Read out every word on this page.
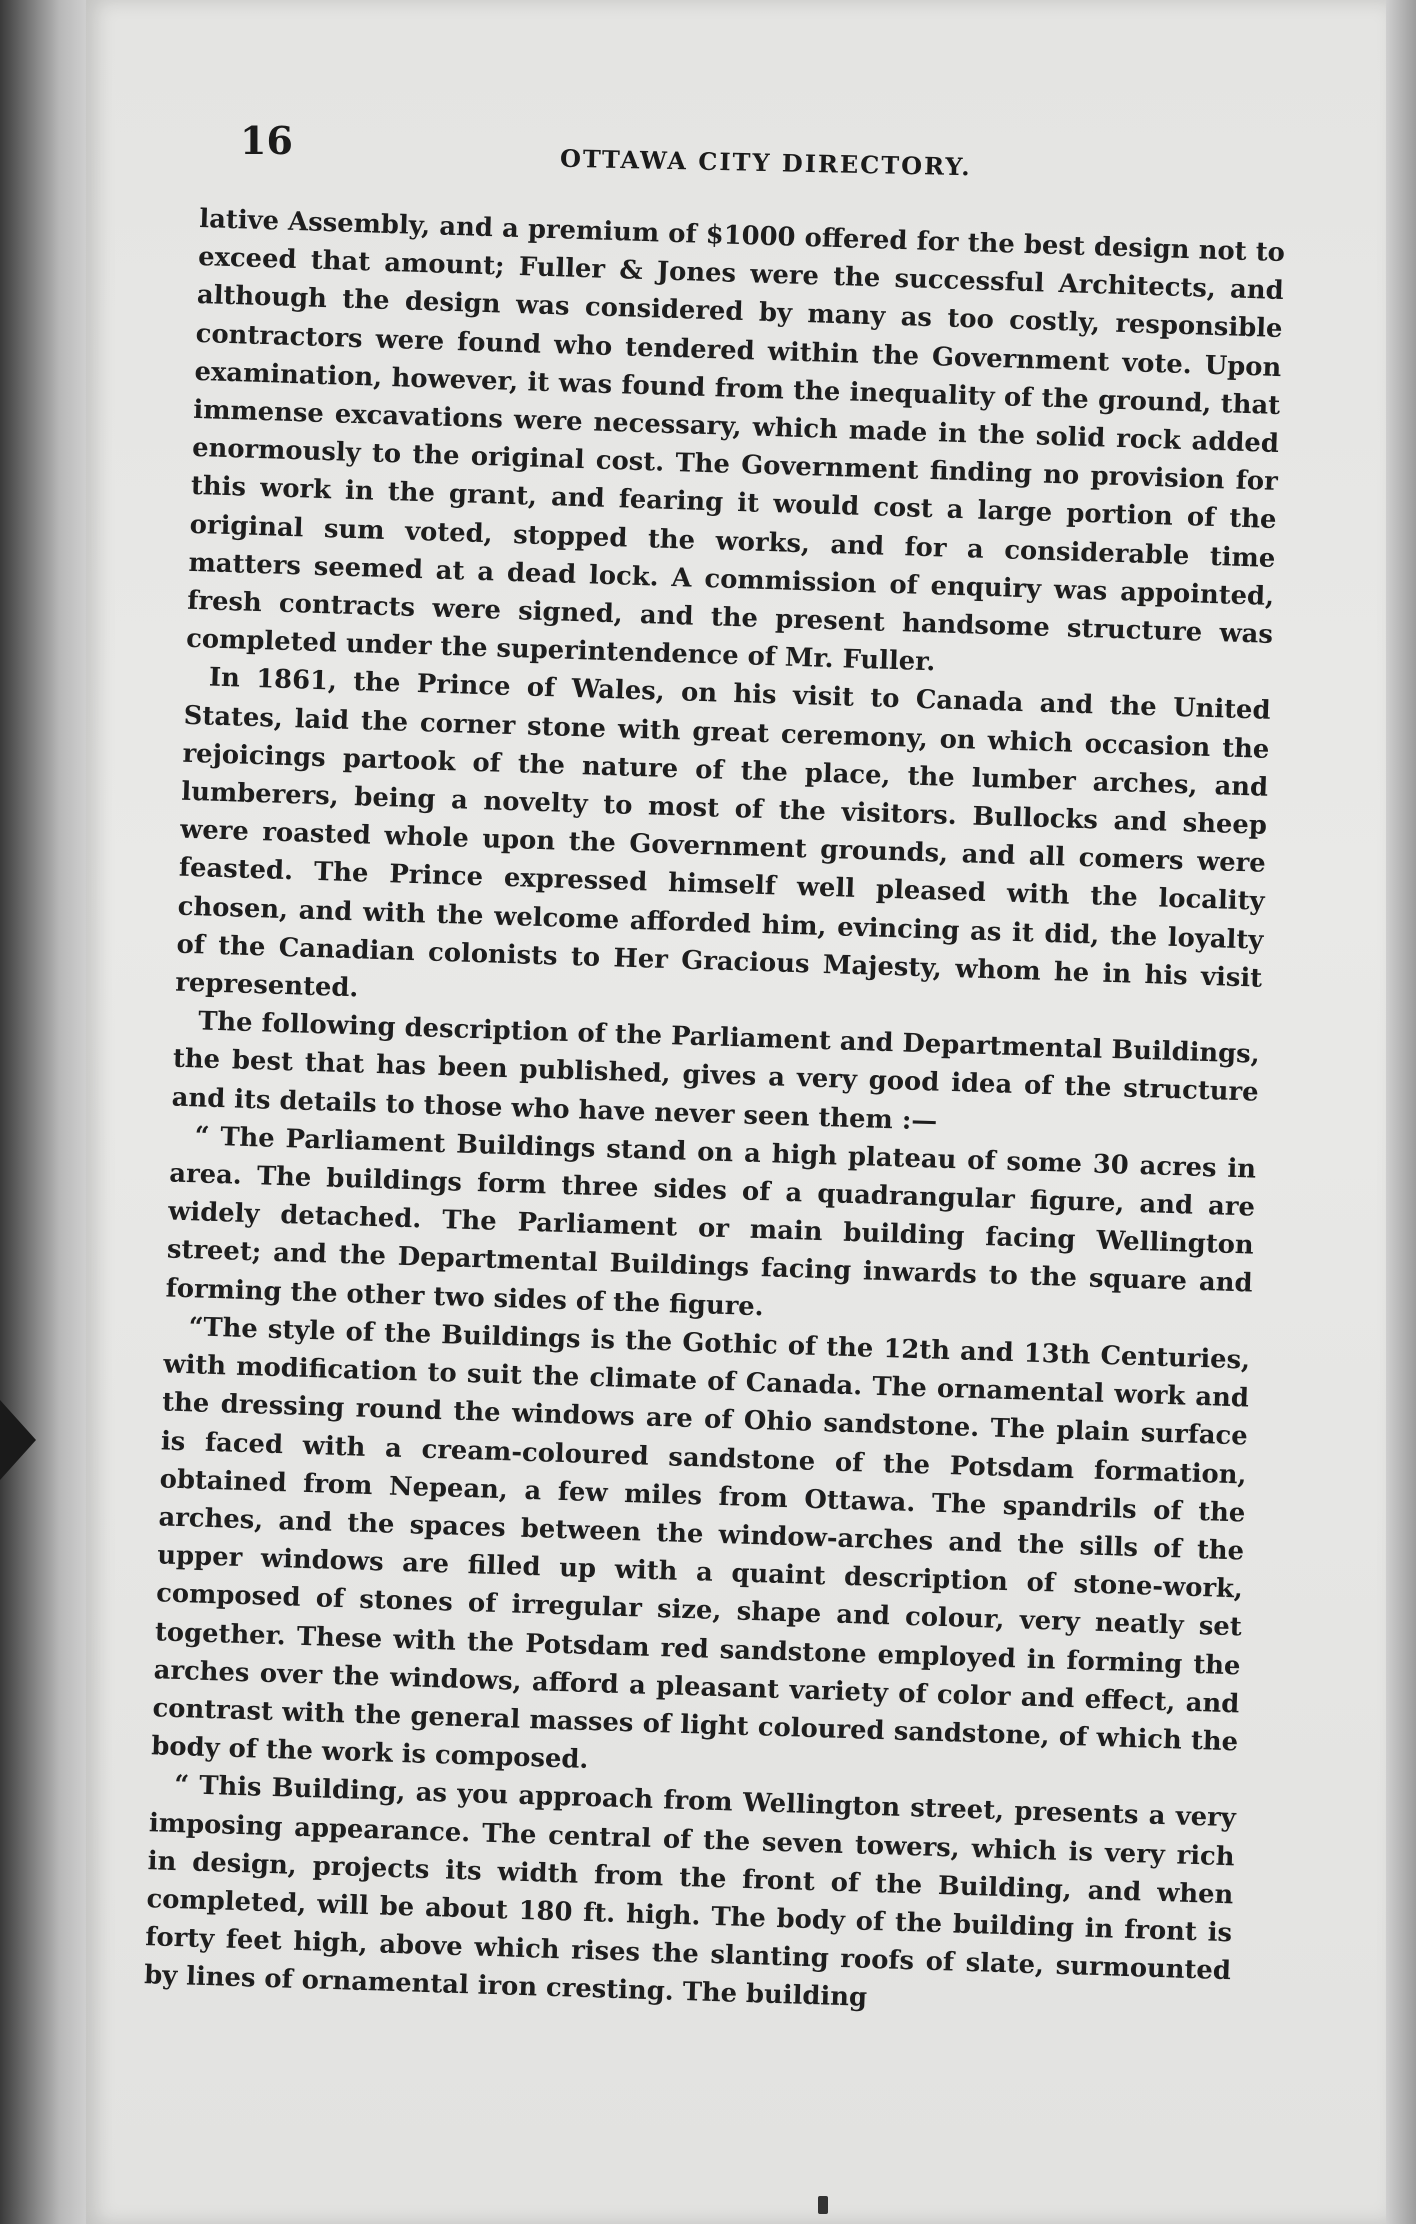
16	OTTAWA CITY DIRECTORY.

lative Assembly, and a premium of $1000 offered for the best design not to exceed that amount; Fuller & Jones were the successful Architects, and although the design was considered by many as too costly, responsible contractors were found who tendered within the Government vote. Upon examination, however, it was found from the inequality of the ground, that immense excavations were necessary, which made in the solid rock added enormously to the original cost. The Government finding no provision for this work in the grant, and fearing it would cost a large portion of the original sum voted, stopped the works, and for a considerable time matters seemed at a dead lock. A commission of enquiry was appointed, fresh contracts were signed, and the present handsome structure was completed under the superintendence of Mr. Fuller.

In 1861, the Prince of Wales, on his visit to Canada and the United States, laid the corner stone with great ceremony, on which occasion the rejoicings partook of the nature of the place, the lumber arches, and lumberers, being a novelty to most of the visitors. Bullocks and sheep were roasted whole upon the Government grounds, and all comers were feasted. The Prince expressed himself well pleased with the locality chosen, and with the welcome afforded him, evincing as it did, the loyalty of the Canadian colonists to Her Gracious Majesty, whom he in his visit represented.

The following description of the Parliament and Departmental Buildings, the best that has been published, gives a very good idea of the structure and its details to those who have never seen them :—

“ The Parliament Buildings stand on a high plateau of some 30 acres in area. The buildings form three sides of a quadrangular figure, and are widely detached. The Parliament or main building facing Wellington street; and the Departmental Buildings facing inwards to the square and forming the other two sides of the figure.

“The style of the Buildings is the Gothic of the 12th and 13th Centuries, with modification to suit the climate of Canada. The ornamental work and the dressing round the windows are of Ohio sandstone. The plain surface is faced with a cream-coloured sandstone of the Potsdam formation, obtained from Nepean, a few miles from Ottawa. The spandrils of the arches, and the spaces between the window-arches and the sills of the upper windows are filled up with a quaint description of stone-work, composed of stones of irregular size, shape and colour, very neatly set together. These with the Potsdam red sandstone employed in forming the arches over the windows, afford a pleasant variety of color and effect, and contrast with the general masses of light coloured sandstone, of which the body of the work is composed.

“ This Building, as you approach from Wellington street, presents a very imposing appearance. The central of the seven towers, which is very rich in design, projects its width from the front of the Building, and when completed, will be about 180 ft. high. The body of the building in front is forty feet high, above which rises the slanting roofs of slate, surmounted by lines of ornamental iron cresting. The building
